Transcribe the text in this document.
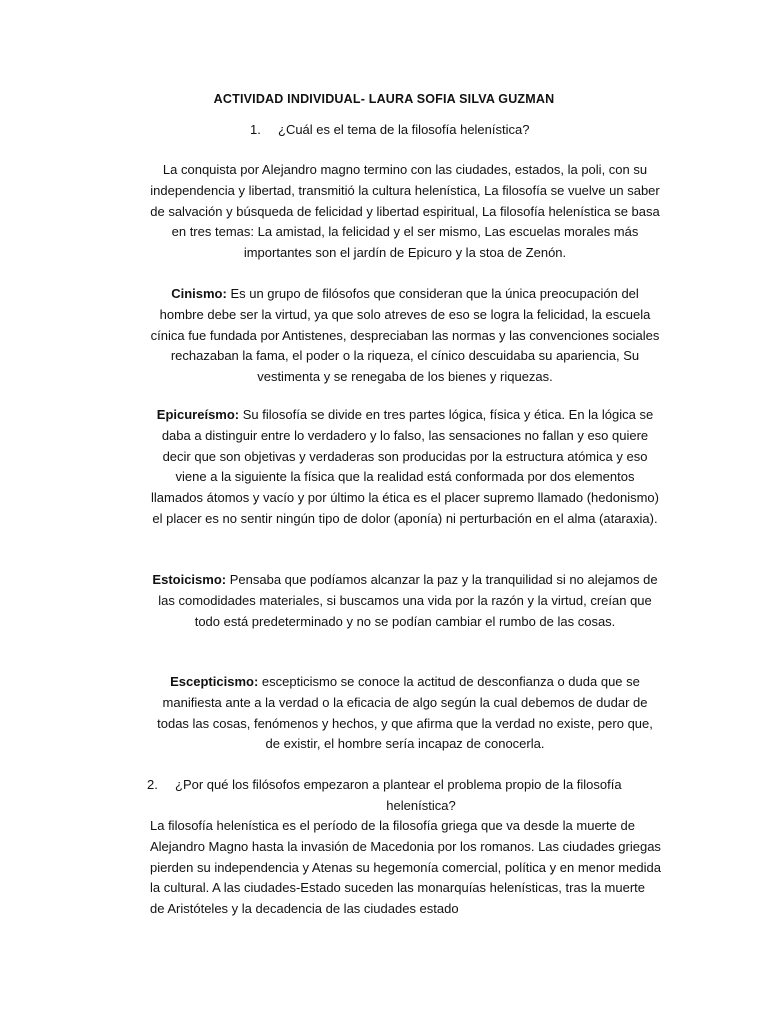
ACTIVIDAD INDIVIDUAL- LAURA SOFIA SILVA GUZMAN
1. ¿Cuál es el tema de la filosofía helenística?
La conquista por Alejandro magno termino con las ciudades, estados, la poli, con su independencia y libertad, transmitió la cultura helenística, La filosofía se vuelve un saber de salvación y búsqueda de felicidad y libertad espiritual, La filosofía helenística se basa en tres temas: La amistad, la felicidad y el ser mismo, Las escuelas morales más importantes son el jardín de Epicuro y la stoa de Zenón.
Cinismo: Es un grupo de filósofos que consideran que la única preocupación del hombre debe ser la virtud, ya que solo atreves de eso se logra la felicidad, la escuela cínica fue fundada por Antistenes, despreciaban las normas y las convenciones sociales rechazaban la fama, el poder o la riqueza, el cínico descuidaba su apariencia, Su vestimenta y se renegaba de los bienes y riquezas.
Epicureísmo: Su filosofía se divide en tres partes lógica, física y ética. En la lógica se daba a distinguir entre lo verdadero y lo falso, las sensaciones no fallan y eso quiere decir que son objetivas y verdaderas son producidas por la estructura atómica y eso viene a la siguiente la física que la realidad está conformada por dos elementos llamados átomos y vacío y por último la ética es el placer supremo llamado (hedonismo) el placer es no sentir ningún tipo de dolor (aponía) ni perturbación en el alma (ataraxia).
Estoicismo: Pensaba que podíamos alcanzar la paz y la tranquilidad si no alejamos de las comodidades materiales, si buscamos una vida por la razón y la virtud, creían que todo está predeterminado y no se podían cambiar el rumbo de las cosas.
Escepticismo: escepticismo se conoce la actitud de desconfianza o duda que se manifiesta ante a la verdad o la eficacia de algo según la cual debemos de dudar de todas las cosas, fenómenos y hechos, y que afirma que la verdad no existe, pero que, de existir, el hombre sería incapaz de conocerla.
2. ¿Por qué los filósofos empezaron a plantear el problema propio de la filosofía

helenística?
La filosofía helenística es el período de la filosofía griega que va desde la muerte de Alejandro Magno hasta la invasión de Macedonia por los romanos. Las ciudades griegas pierden su independencia y Atenas su hegemonía comercial, política y en menor medida la cultural. A las ciudades-Estado suceden las monarquías helenísticas, tras la muerte de Aristóteles y la decadencia de las ciudades estado
